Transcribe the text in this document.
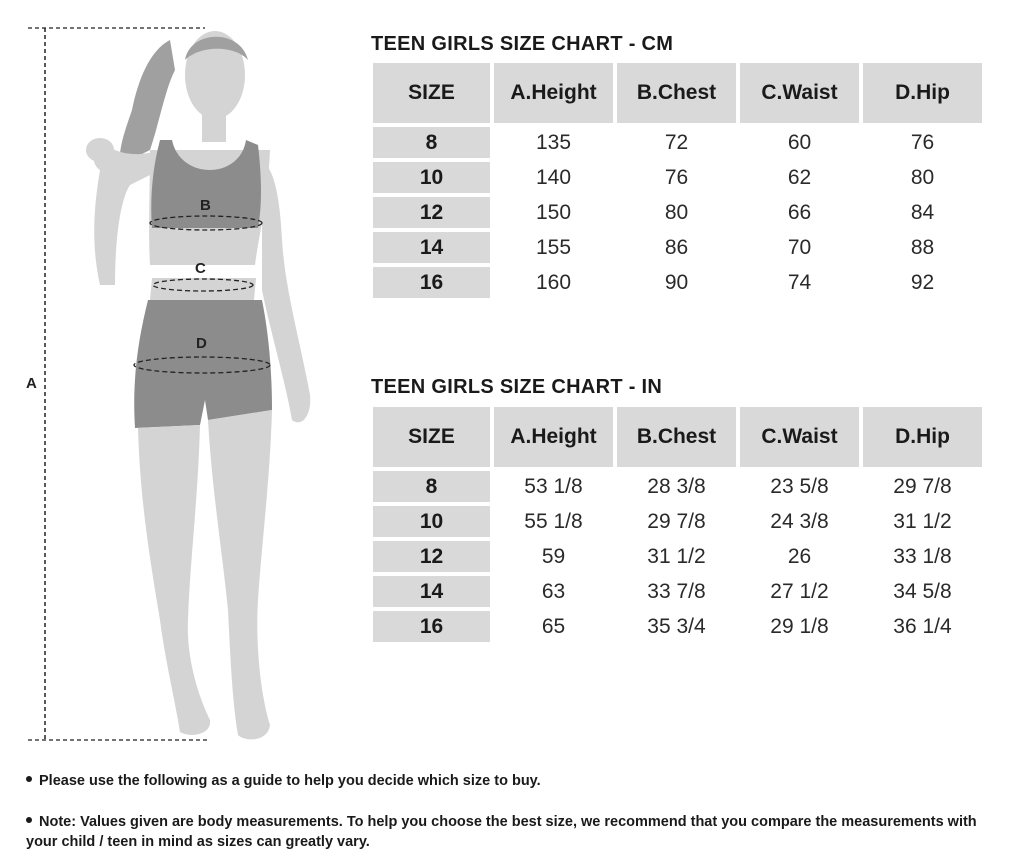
A
B
C
D
TEEN GIRLS SIZE CHART - CM
SIZE	A.Height	B.Chest	C.Waist	D.Hip
8	135	72	60	76
10	140	76	62	80
12	150	80	66	84
14	155	86	70	88
16	160	90	74	92
TEEN GIRLS SIZE CHART - IN
SIZE	A.Height	B.Chest	C.Waist	D.Hip
8	53 1/8	28 3/8	23 5/8	29 7/8
10	55 1/8	29 7/8	24 3/8	31 1/2
12	59	31 1/2	26	33 1/8
14	63	33 7/8	27 1/2	34 5/8
16	65	35 3/4	29 1/8	36 1/4

Please use the following as a guide to help you decide which size to buy.

Note: Values given are body measurements. To help you choose the best size, we recommend that you compare the measurements with your child / teen in mind as sizes can greatly vary.
